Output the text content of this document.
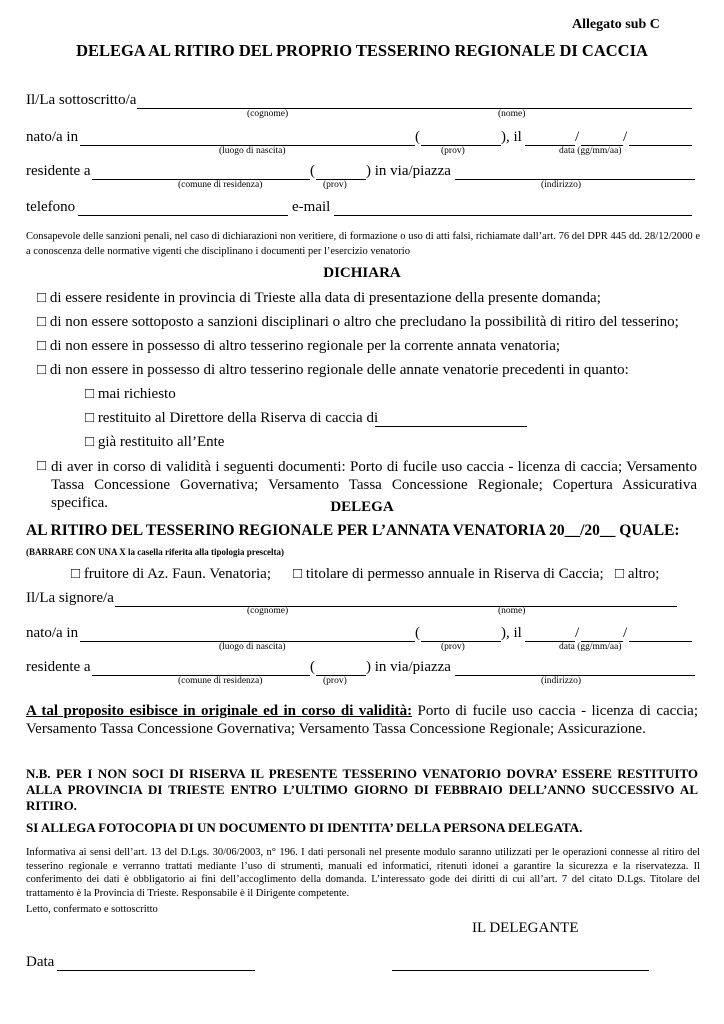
Allegato sub C
DELEGA AL RITIRO DEL PROPRIO TESSERINO REGIONALE DI CACCIA
Il/La sottoscritto/a
(cognome)	(nome)
nato/a in	(	), il	/	/
(luogo di nascita)	(prov)	data (gg/mm/aa)
residente a	(	) in via/piazza
(comune di residenza)	(prov)	(indirizzo)
telefono	e-mail
Consapevole delle sanzioni penali, nel caso di dichiarazioni non veritiere, di formazione o uso di atti falsi, richiamate dall’art. 76 del DPR 445 dd. 28/12/2000 e a conoscenza delle normative vigenti che disciplinano i documenti per l’esercizio venatorio
DICHIARA
□ di essere residente in provincia di Trieste alla data di presentazione della presente domanda;
□ di non essere sottoposto a sanzioni disciplinari o altro che precludano la possibilità di ritiro del tesserino;
□ di non essere in possesso di altro tesserino regionale per la corrente annata venatoria;
□ di non essere in possesso di altro tesserino regionale delle annate venatorie precedenti in quanto:
□ mai richiesto
□ restituito al Direttore della Riserva di caccia di
□ già restituito all’Ente
□ di aver in corso di validità i seguenti documenti: Porto di fucile uso caccia - licenza di caccia; Versamento Tassa Concessione Governativa; Versamento Tassa Concessione Regionale; Copertura Assicurativa specifica.	DELEGA
AL RITIRO DEL TESSERINO REGIONALE PER L’ANNATA VENATORIA 20__/20__ QUALE:
(BARRARE CON UNA X la casella riferita alla tipologia prescelta)
□ fruitore di Az. Faun. Venatoria; □ titolare di permesso annuale in Riserva di Caccia; □ altro;
Il/La signore/a
(cognome)	(nome)
nato/a in	(	), il	/	/
(luogo di nascita)	(prov)	data (gg/mm/aa)
residente a	(	) in via/piazza
(comune di residenza)	(prov)	(indirizzo)
A tal proposito esibisce in originale ed in corso di validità: Porto di fucile uso caccia - licenza di caccia; Versamento Tassa Concessione Governativa; Versamento Tassa Concessione Regionale; Assicurazione.
N.B. PER I NON SOCI DI RISERVA IL PRESENTE TESSERINO VENATORIO DOVRA’ ESSERE RESTITUITO ALLA PROVINCIA DI TRIESTE ENTRO L’ULTIMO GIORNO DI FEBBRAIO DELL’ANNO SUCCESSIVO AL RITIRO.
SI ALLEGA FOTOCOPIA DI UN DOCUMENTO DI IDENTITA’ DELLA PERSONA DELEGATA.
Informativa ai sensi dell’art. 13 del D.Lgs. 30/06/2003, n° 196. I dati personali nel presente modulo saranno utilizzati per le operazioni connesse al ritiro del tesserino regionale e verranno trattati mediante l’uso di strumenti, manuali ed informatici, ritenuti idonei a garantire la sicurezza e la riservatezza. Il conferimento dei dati è obbligatorio ai fini dell’accoglimento della domanda. L’interessato gode dei diritti di cui all’art. 7 del citato D.Lgs. Titolare del trattamento è la Provincia di Trieste. Responsabile è il Dirigente competente.
Letto, confermato e sottoscritto
IL DELEGANTE
Data
